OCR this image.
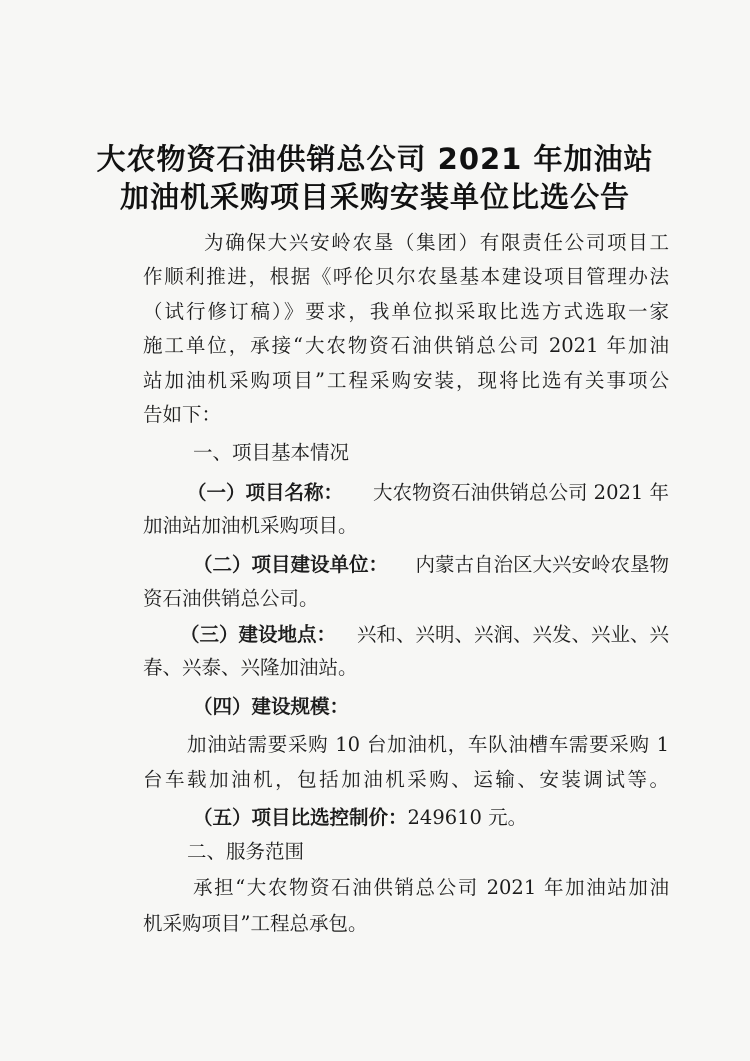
大农物资石油供销总公司 2021 年加油站
加油机采购项目采购安装单位比选公告
为确保大兴安岭农垦（集团）有限责任公司项目工
作顺利推进，根据《呼伦贝尔农垦基本建设项目管理办法
（试行修订稿）》要求，我单位拟采取比选方式选取一家
施工单位，承接“大农物资石油供销总公司 2021 年加油
站加油机采购项目”工程采购安装，现将比选有关事项公
告如下：
一、项目基本情况
（一）项目名称： 大农物资石油供销总公司 2021 年
加油站加油机采购项目。
（二）项目建设单位： 内蒙古自治区大兴安岭农垦物
资石油供销总公司。
（三）建设地点： 兴和、兴明、兴润、兴发、兴业、兴
春、兴泰、兴隆加油站。
（四）建设规模：
加油站需要采购 10 台加油机，车队油槽车需要采购 1
台车载加油机，包括加油机采购、运输、安装调试等。
（五）项目比选控制价：249610 元。
二、服务范围
承担“大农物资石油供销总公司 2021 年加油站加油
机采购项目”工程总承包。
